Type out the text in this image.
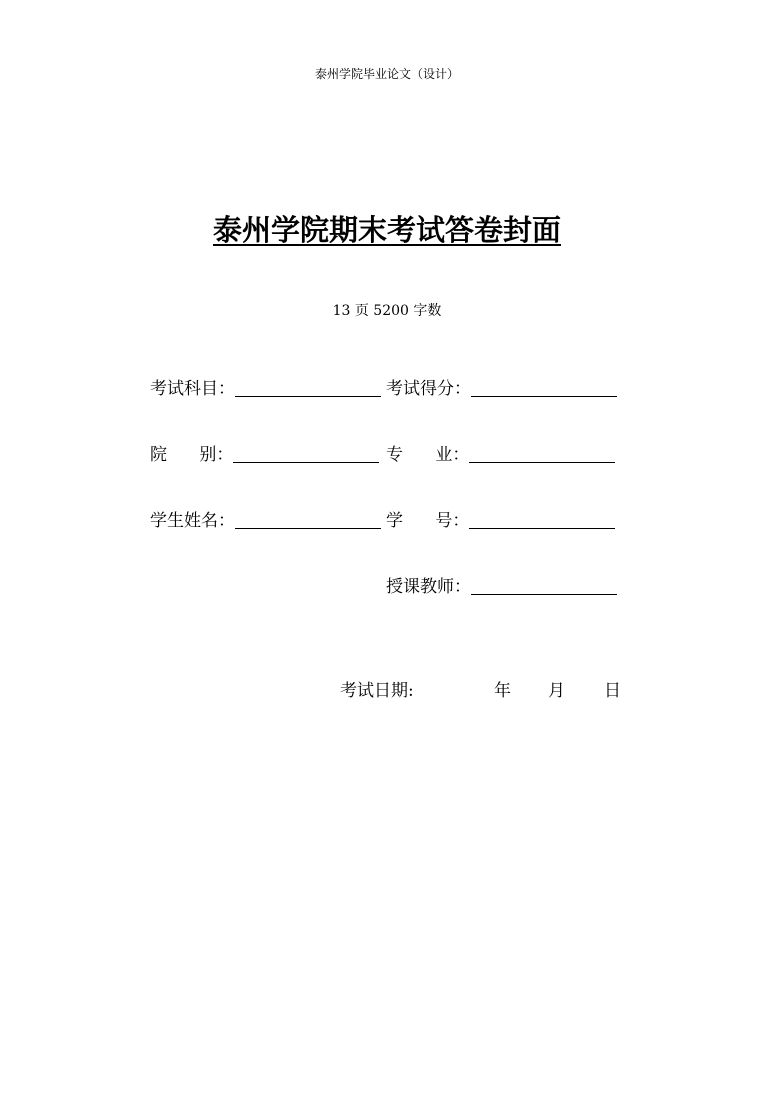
泰州学院毕业论文（设计）
泰州学院期末考试答卷封面
13 页 5200 字数
考试科目：	考试得分：
院      别：	专      业：
学生姓名：	学      号：
授课教师：
考试日期:	年 月 日
